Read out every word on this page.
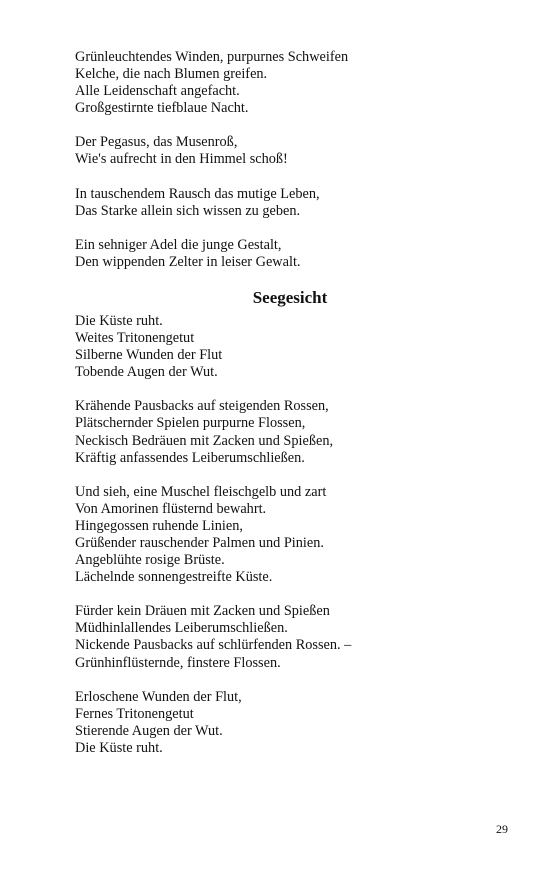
Grünleuchtendes Winden, purpurnes Schweifen
Kelche, die nach Blumen greifen.
Alle Leidenschaft angefacht.
Großgestirnte tiefblaue Nacht.
Der Pegasus, das Musenroß,
Wie's aufrecht in den Himmel schoß!
In tauschendem Rausch das mutige Leben,
Das Starke allein sich wissen zu geben.
Ein sehniger Adel die junge Gestalt,
Den wippenden Zelter in leiser Gewalt.
Seegesicht
Die Küste ruht.
Weites Tritonengetut
Silberne Wunden der Flut
Tobende Augen der Wut.
Krähende Pausbacks auf steigenden Rossen,
Plätschernder Spielen purpurne Flossen,
Neckisch Bedräuen mit Zacken und Spießen,
Kräftig anfassendes Leiberumschließen.
Und sieh, eine Muschel fleischgelb und zart
Von Amorinen flüsternd bewahrt.
Hingegossen ruhende Linien,
Grüßender rauschender Palmen und Pinien.
Angeblühte rosige Brüste.
Lächelnde sonnengestreifte Küste.
Fürder kein Dräuen mit Zacken und Spießen
Müdhinlallendes Leiberumschließen.
Nickende Pausbacks auf schlürfenden Rossen. –
Grünhinflüsternde, finstere Flossen.
Erloschene Wunden der Flut,
Fernes Tritonengetut
Stierende Augen der Wut.
Die Küste ruht.
29
